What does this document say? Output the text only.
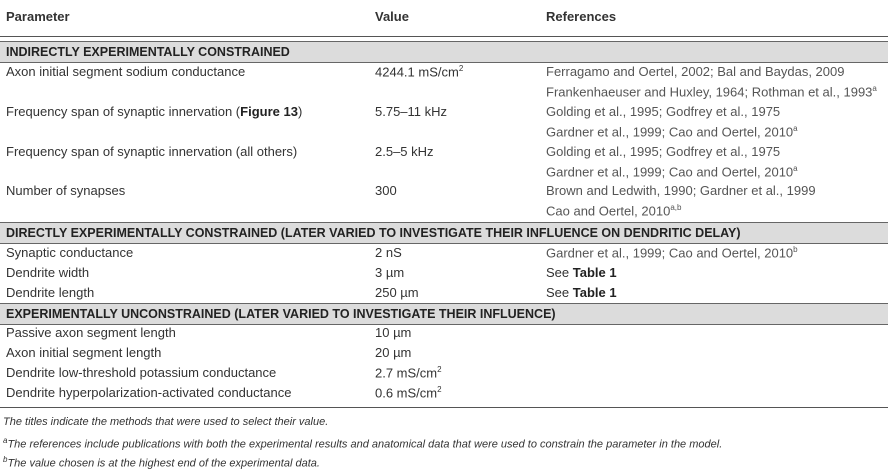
Parameter	Value	References
INDIRECTLY EXPERIMENTALLY CONSTRAINED
Axon initial segment sodium conductance	4244.1 $mS/cm^2$	Ferragamo and Oertel, 2002; Bal and Baydas, 2009
Frankenhaeuser and Huxley, 1964; Rothman et al., 1993$^a$
Frequency span of synaptic innervation (Figure 13)	5.75–11 kHz	Golding et al., 1995; Godfrey et al., 1975
Gardner et al., 1999; Cao and Oertel, 2010$^a$
Frequency span of synaptic innervation (all others)	2.5–5 kHz	Golding et al., 1995; Godfrey et al., 1975
Gardner et al., 1999; Cao and Oertel, 2010$^a$
Number of synapses	300	Brown and Ledwith, 1990; Gardner et al., 1999
Cao and Oertel, 2010$^{a,b}$
DIRECTLY EXPERIMENTALLY CONSTRAINED (LATER VARIED TO INVESTIGATE THEIR INFLUENCE ON DENDRITIC DELAY)
Synaptic conductance	2 nS	Gardner et al., 1999; Cao and Oertel, 2010$^b$
Dendrite width	3 µm	See Table 1
Dendrite length	250 µm	See Table 1
EXPERIMENTALLY UNCONSTRAINED (LATER VARIED TO INVESTIGATE THEIR INFLUENCE)
Passive axon segment length	10 µm
Axon initial segment length	20 µm
Dendrite low-threshold potassium conductance	2.7 $mS/cm^2$
Dendrite hyperpolarization-activated conductance	0.6 $mS/cm^2$
The titles indicate the methods that were used to select their value.
$^a$The references include publications with both the experimental results and anatomical data that were used to constrain the parameter in the model.
$^b$The value chosen is at the highest end of the experimental data.
